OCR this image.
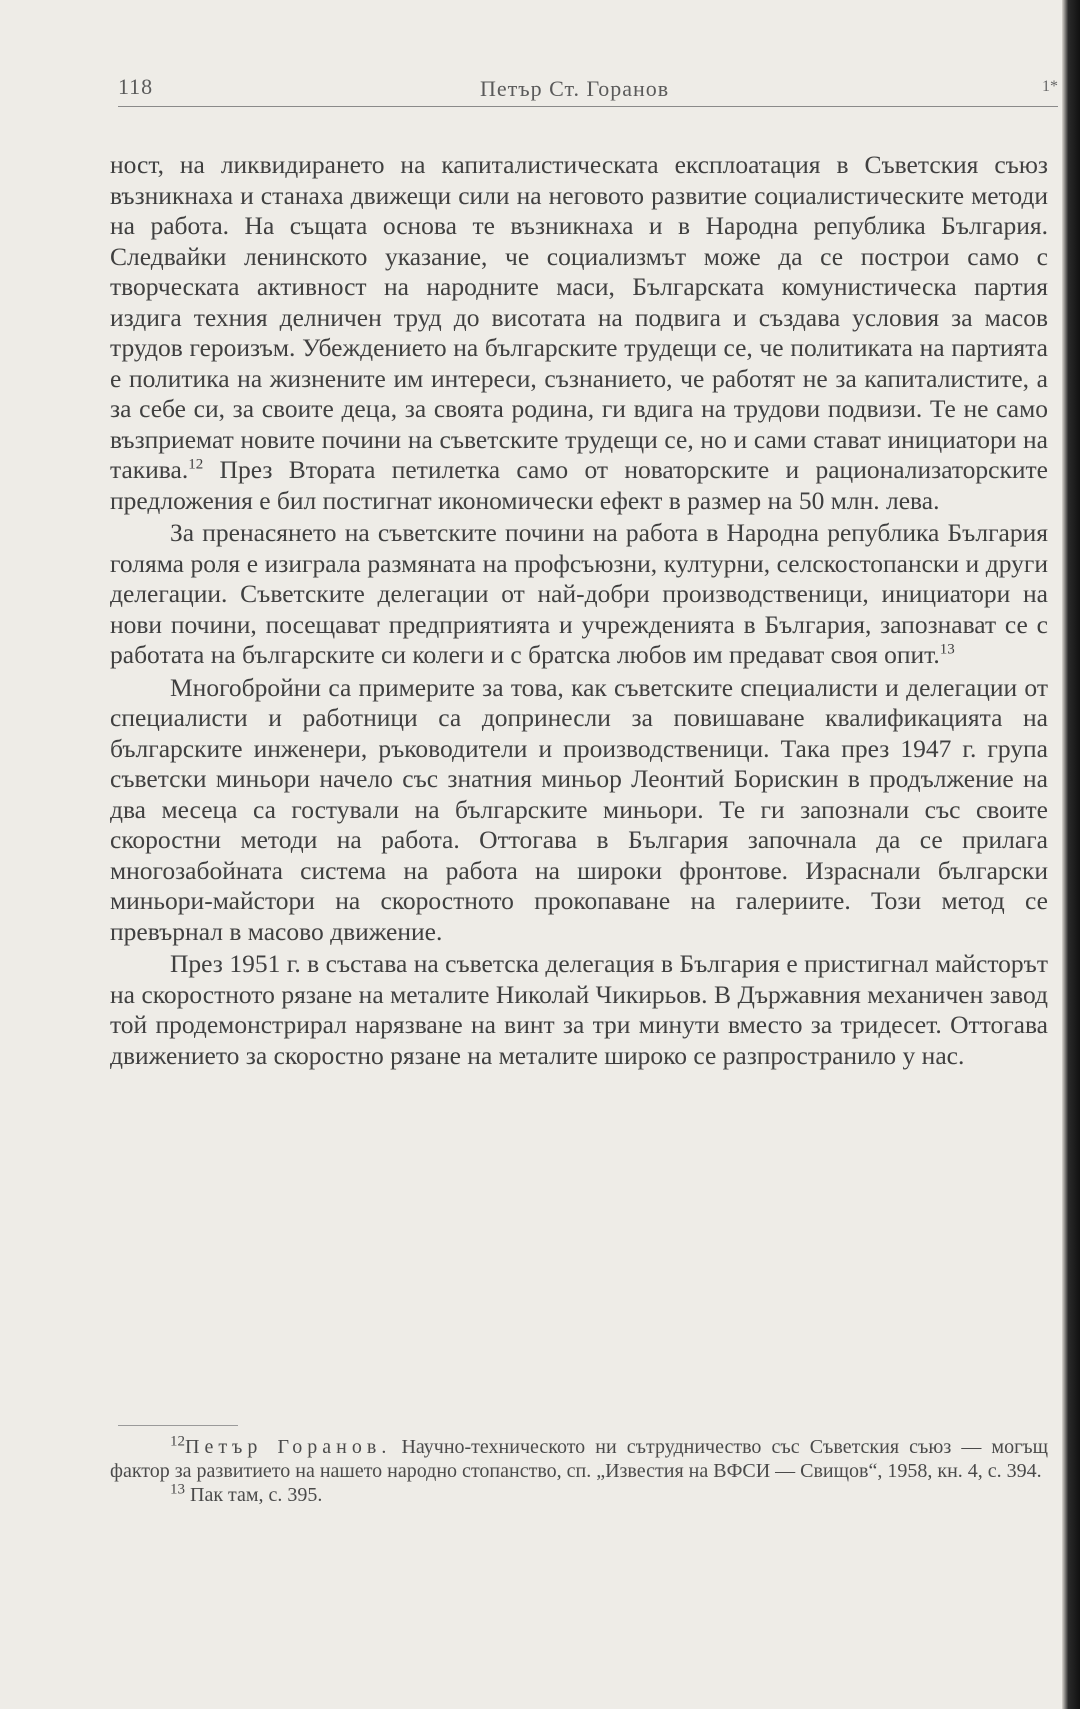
118	Петър Ст. Горанов	1*

ност, на ликвидирането на капиталистическата експлоатация в Съветския съюз възникнаха и станаха движещи сили на неговото развитие социалистическите методи на работа. На същата основа те възникнаха и в Народна република България. Следвайки ленинското указание, че социализмът може да се построи само с творческата активност на народните маси, Българската комунистическа партия издига техния делничен труд до висотата на подвига и създава условия за масов трудов героизъм. Убеждението на българските трудещи се, че политиката на партията е политика на жизнените им интереси, съзнанието, че работят не за капиталистите, а за себе си, за своите деца, за своята родина, ги вдига на трудови подвизи. Те не само възприемат новите почини на съветските трудещи се, но и сами стават инициатори на такива.$^{12}$ През Втората петилетка само от новаторските и рационализаторските предложения е бил постигнат икономически ефект в размер на 50 млн. лева.

За пренасянето на съветските почини на работа в Народна република България голяма роля е изиграла размяната на профсъюзни, културни, селскостопански и други делегации. Съветските делегации от най-добри производственици, инициатори на нови почини, посещават предприятията и учрежденията в България, запознават се с работата на българските си колеги и с братска любов им предават своя опит.$^{13}$

Многобройни са примерите за това, как съветските специалисти и делегации от специалисти и работници са допринесли за повишаване квалификацията на българските инженери, ръководители и производственици. Така през 1947 г. група съветски миньори начело със знатния миньор Леонтий Борискин в продължение на два месеца са гостували на българските миньори. Те ги запознали със своите скоростни методи на работа. Оттогава в България започнала да се прилага многозабойната система на работа на широки фронтове. Израснали български миньори-майстори на скоростното прокопаване на галериите. Този метод се превърнал в масово движение.

През 1951 г. в състава на съветска делегация в България е пристигнал майсторът на скоростното рязане на металите Николай Чикирьов. В Държавния механичен завод той продемонстрирал нарязване на винт за три минути вместо за тридесет. Оттогава движението за скоростно рязане на металите широко се разпространило у нас.

$^{12}$Петър Горанов. Научно-техническото ни сътрудничество със Съветския съюз — могъщ фактор за развитието на нашето народно стопанство, сп. „Известия на ВФСИ — Свищов“, 1958, кн. 4, с. 394.

$^{13}$ Пак там, с. 395.
